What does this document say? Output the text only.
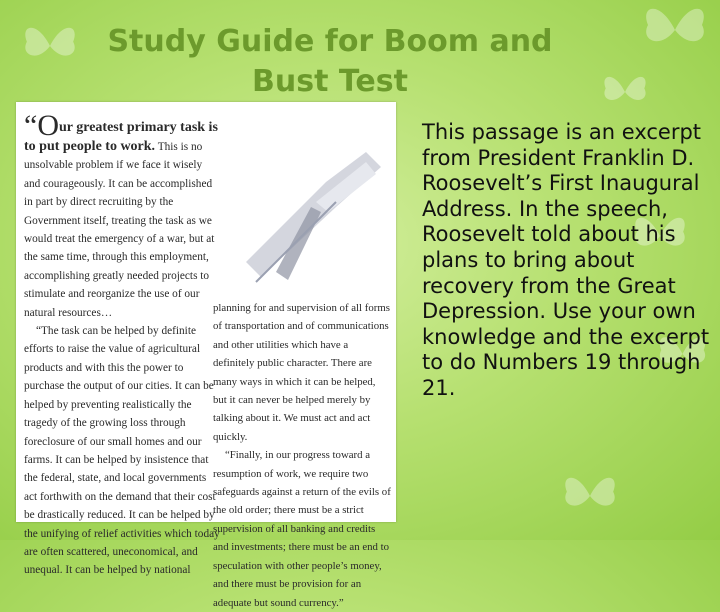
Study Guide for Boom and
Bust Test

“Our greatest primary task is to put people to work. This is no unsolvable problem if we face it wisely and courageously. It can be accomplished in part by direct recruiting by the Government itself, treating the task as we would treat the emergency of a war, but at the same time, through this employment, accomplishing greatly needed projects to stimulate and reorganize the use of our natural resources…

“The task can be helped by definite efforts to raise the value of agricultural products and with this the power to purchase the output of our cities. It can be helped by preventing realistically the tragedy of the growing loss through foreclosure of our small homes and our farms. It can be helped by insistence that the federal, state, and local governments act forthwith on the demand that their cost be drastically reduced. It can be helped by the unifying of relief activities which today are often scattered, uneconomical, and unequal. It can be helped by national

planning for and supervision of all forms of transportation and of communications and other utilities which have a definitely public character. There are many ways in which it can be helped, but it can never be helped merely by talking about it. We must act and act quickly.

“Finally, in our progress toward a resumption of work, we require two safeguards against a return of the evils of the old order; there must be a strict supervision of all banking and credits and investments; there must be an end to speculation with other people’s money, and there must be provision for an adequate but sound currency.”

This passage is an excerpt from President Franklin D. Roosevelt’s First Inaugural Address. In the speech, Roosevelt told about his plans to bring about recovery from the Great Depression. Use your own knowledge and the excerpt to do Numbers 19 through 21.
